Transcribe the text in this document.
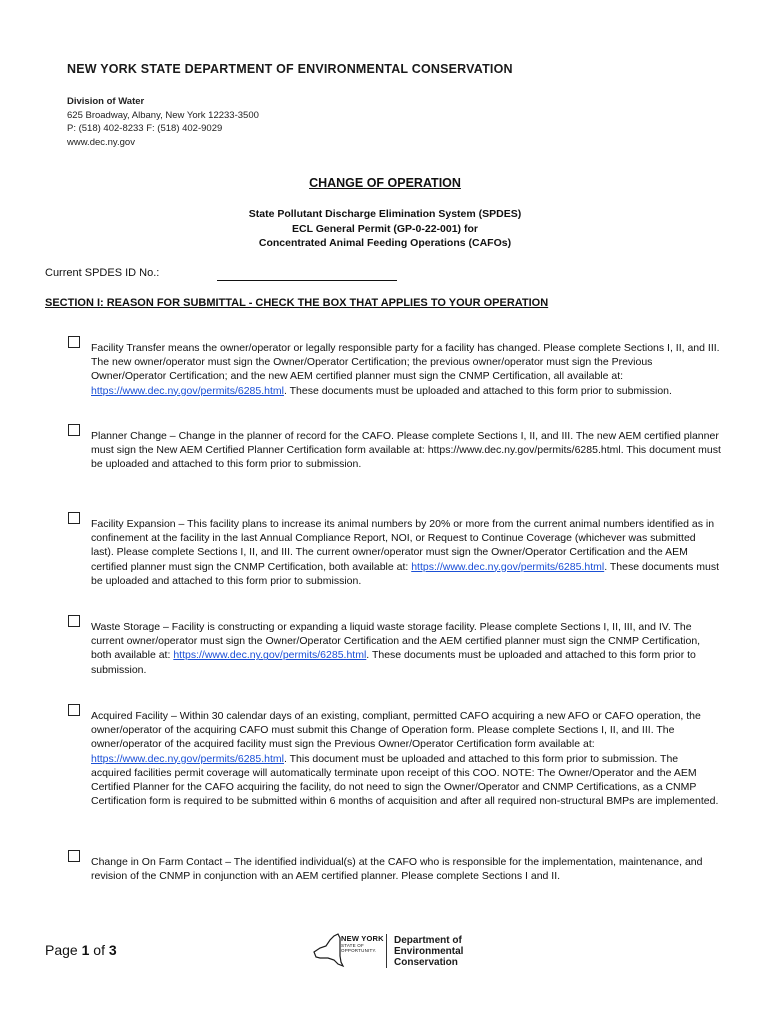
NEW YORK STATE DEPARTMENT OF ENVIRONMENTAL CONSERVATION
Division of Water
625 Broadway, Albany, New York 12233-3500
P: (518) 402-8233 F: (518) 402-9029
www.dec.ny.gov
CHANGE OF OPERATION
State Pollutant Discharge Elimination System (SPDES)
ECL General Permit (GP-0-22-001) for
Concentrated Animal Feeding Operations (CAFOs)
Current SPDES ID No.:
SECTION I: REASON FOR SUBMITTAL - CHECK THE BOX THAT APPLIES TO YOUR OPERATION
Facility Transfer means the owner/operator or legally responsible party for a facility has changed. Please complete Sections I, II, and III. The new owner/operator must sign the Owner/Operator Certification; the previous owner/operator must sign the Previous Owner/Operator Certification; and the new AEM certified planner must sign the CNMP Certification, all available at: https://www.dec.ny.gov/permits/6285.html. These documents must be uploaded and attached to this form prior to submission.
Planner Change – Change in the planner of record for the CAFO. Please complete Sections I, II, and III. The new AEM certified planner must sign the New AEM Certified Planner Certification form available at: https://www.dec.ny.gov/permits/6285.html. This document must be uploaded and attached to this form prior to submission.
Facility Expansion – This facility plans to increase its animal numbers by 20% or more from the current animal numbers identified as in confinement at the facility in the last Annual Compliance Report, NOI, or Request to Continue Coverage (whichever was submitted last). Please complete Sections I, II, and III. The current owner/operator must sign the Owner/Operator Certification and the AEM certified planner must sign the CNMP Certification, both available at: https://www.dec.ny.gov/permits/6285.html. These documents must be uploaded and attached to this form prior to submission.
Waste Storage – Facility is constructing or expanding a liquid waste storage facility. Please complete Sections I, II, III, and IV. The current owner/operator must sign the Owner/Operator Certification and the AEM certified planner must sign the CNMP Certification, both available at: https://www.dec.ny.gov/permits/6285.html. These documents must be uploaded and attached to this form prior to submission.
Acquired Facility – Within 30 calendar days of an existing, compliant, permitted CAFO acquiring a new AFO or CAFO operation, the owner/operator of the acquiring CAFO must submit this Change of Operation form. Please complete Sections I, II, and III. The owner/operator of the acquired facility must sign the Previous Owner/Operator Certification form available at: https://www.dec.ny.gov/permits/6285.html. This document must be uploaded and attached to this form prior to submission. The acquired facilities permit coverage will automatically terminate upon receipt of this COO. NOTE: The Owner/Operator and the AEM Certified Planner for the CAFO acquiring the facility, do not need to sign the Owner/Operator and CNMP Certifications, as a CNMP Certification form is required to be submitted within 6 months of acquisition and after all required non-structural BMPs are implemented.
Change in On Farm Contact – The identified individual(s) at the CAFO who is responsible for the implementation, maintenance, and revision of the CNMP in conjunction with an AEM certified planner. Please complete Sections I and II.
Page 1 of 3
NEW YORK
STATE OF
OPPORTUNITY.
Department of
Environmental
Conservation
